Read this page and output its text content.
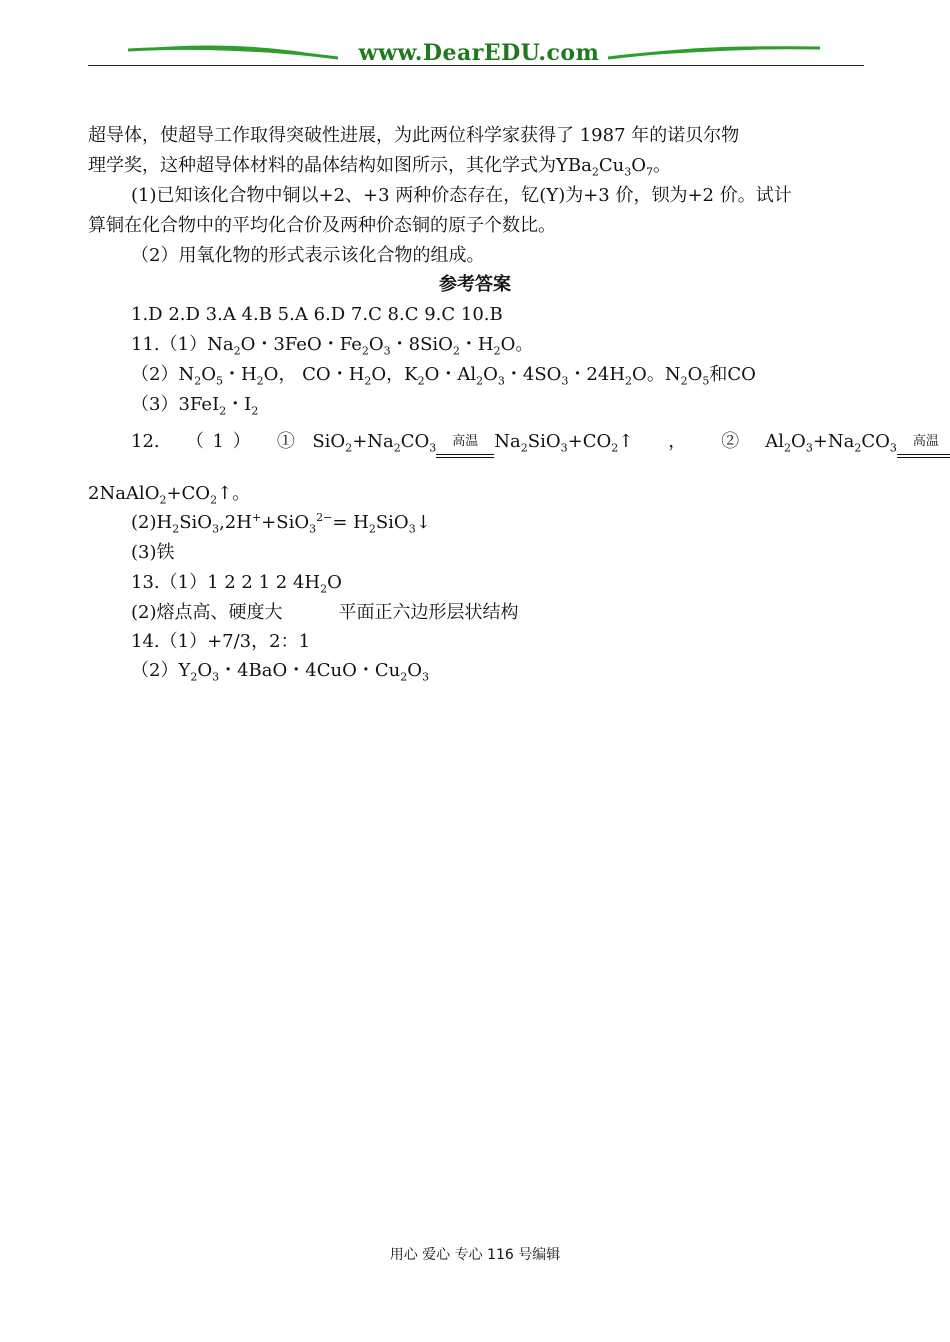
www.DearEDU.com
超导体，使超导工作取得突破性进展，为此两位科学家获得了 1987 年的诺贝尔物
理学奖，这种超导体材料的晶体结构如图所示，其化学式为$YBa_2Cu_3O_7$。
(1)已知该化合物中铜以+2、+3 两种价态存在，钇(Y)为+3 价，钡为+2 价。试计
算铜在化合物中的平均化合价及两种价态铜的原子个数比。
（2）用氧化物的形式表示该化合物的组成。
参考答案
1.D 2.D 3.A 4.B 5.A 6.D 7.C 8.C 9.C 10.B
$11.(1)Na_2O$・3FeO・$Fe_2O_3$・8SiO$_2$・$H_2O$。
$(2)N_2O_5$・$H_2O$， CO・$H_2O$，$K_2O$・$Al_2O_3$・$4SO_3$・$24H_2O$。$N_2O_5$和CO
（3）3FeI$_2$・$I_2$
12. （ 1 ） ①  $SiO_2+Na_2CO_3$ 高温 $Na_2SiO_3+CO_2↑$    ， ②   $Al_2O_3+Na_2CO_3$ 高温
$2NaAlO_2+CO_2↑$。
$(2)H_2SiO_3,2H^++SiO_3^{2-}=$ $H_2SiO_3↓$
(3)铁
13.（1）1 2 2 1 2 $4H_2O$
(2)熔点高、硬度大	平面正六边形层状结构
14.（1）+7/3，2：1
$(2)Y_2O_3$・4BaO・4CuO・$Cu_2O_3$
用心 爱心 专心 116 号编辑
